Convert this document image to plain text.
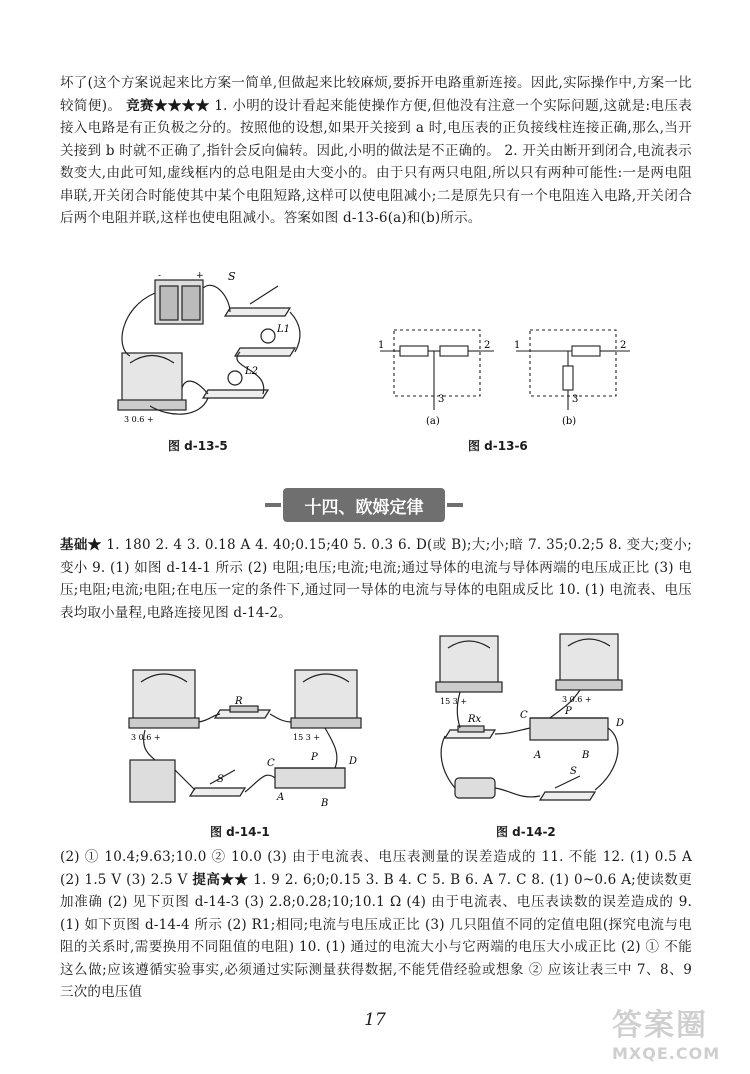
坏了(这个方案说起来比方案一简单,但做起来比较麻烦,要拆开电路重新连接。因此,实际操作中,方案一比较简便)。 竞赛★★★★ 1. 小明的设计看起来能使操作方便,但他没有注意一个实际问题,这就是:电压表接入电路是有正负极之分的。按照他的设想,如果开关接到 a 时,电压表的正负接线柱连接正确,那么,当开关接到 b 时就不正确了,指针会反向偏转。因此,小明的做法是不正确的。 2. 开关由断开到闭合,电流表示数变大,由此可知,虚线框内的总电阻是由大变小的。由于只有两只电阻,所以只有两种可能性:一是两电阻串联,开关闭合时能使其中某个电阻短路,这样可以使电阻减小;二是原先只有一个电阻连入电路,开关闭合后两个电阻并联,这样也使电阻减小。答案如图 d-13-6(a)和(b)所示。
S
L1
L2
3 0.6 +
+
-
图 d-13-5
1	2
3
(a)
1	2
3
(b)
图 d-13-6
十四、欧姆定律
基础★ 1. 180 2. 4 3. 0.18 A 4. 40;0.15;40 5. 0.3 6. D(或 B);大;小;暗 7. 35;0.2;5 8. 变大;变小;变小 9. (1) 如图 d-14-1 所示 (2) 电阻;电压;电流;电流;通过导体的电流与导体两端的电压成正比 (3) 电压;电阻;电流;电阻;在电压一定的条件下,通过同一导体的电流与导体的电阻成反比 10. (1) 电流表、电压表均取小量程,电路连接见图 d-14-2。
R
P
C	D
A
B
S
3 0.6 +	15 3 +
图 d-14-1
Rx
P
C
D
A	B
S
15 3 +	3 0.6 +
图 d-14-2
(2) ① 10.4;9.63;10.0 ② 10.0 (3) 由于电流表、电压表测量的误差造成的 11. 不能 12. (1) 0.5 A (2) 1.5 V (3) 2.5 V 提高★★ 1. 9 2. 6;0;0.15 3. B 4. C 5. B 6. A 7. C 8. (1) 0~0.6 A;使读数更加准确 (2) 见下页图 d-14-3 (3) 2.8;0.28;10;10.1 Ω (4) 由于电流表、电压表读数的误差造成的 9. (1) 如下页图 d-14-4 所示 (2) R1;相同;电流与电压成正比 (3) 几只阻值不同的定值电阻(探究电流与电阻的关系时,需要换用不同阻值的电阻) 10. (1) 通过的电流大小与它两端的电压大小成正比 (2) ① 不能这么做;应该遵循实验事实,必须通过实际测量获得数据,不能凭借经验或想象 ② 应该让表三中 7、8、9 三次的电压值
17	答案圈
MXQE.COM
